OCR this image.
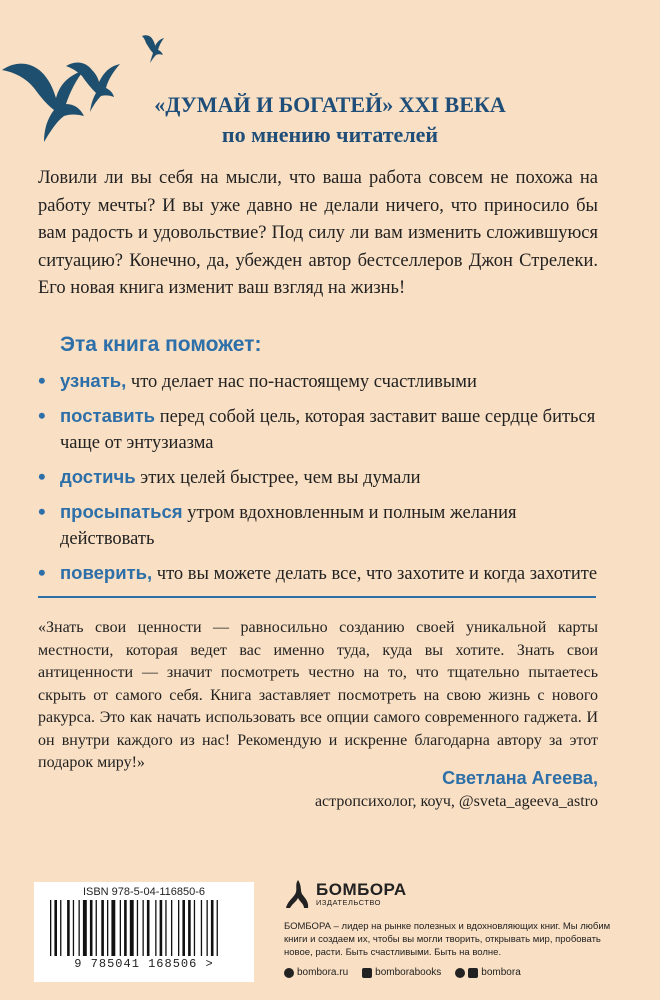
«ДУМАЙ И БОГАТЕЙ» XXI ВЕКА
по мнению читателей
Ловили ли вы себя на мысли, что ваша работа совсем не похожа на работу мечты? И вы уже давно не делали ничего, что приносило бы вам радость и удовольствие? Под силу ли вам изменить сложившуюся ситуацию? Конечно, да, убежден автор бестселлеров Джон Стрелеки. Его новая книга изменит ваш взгляд на жизнь!
Эта книга поможет:
• узнать, что делает нас по-настоящему счастливыми
• поставить перед собой цель, которая заставит ваше сердце биться чаще от энтузиазма
• достичь этих целей быстрее, чем вы думали
• просыпаться утром вдохновленным и полным желания действовать
• поверить, что вы можете делать все, что захотите и когда захотите
«Знать свои ценности — равносильно созданию своей уникальной карты местности, которая ведет вас именно туда, куда вы хотите. Знать свои антиценности — значит посмотреть честно на то, что тщательно пытаетесь скрыть от самого себя. Книга заставляет посмотреть на свою жизнь с нового ракурса. Это как начать использовать все опции самого современного гаджета. И он внутри каждого из нас! Рекомендую и искренне благодарна автору за этот подарок миру!»
Светлана Агеева,
астропсихолог, коуч, @sveta_ageeva_astro
ISBN 978-5-04-116850-6
9 785041 168506 >
БОМБОРА
ИЗДАТЕЛЬСТВО
БОМБОРА – лидер на рынке полезных и вдохновляющих книг. Мы любим книги и создаем их, чтобы вы могли творить, открывать мир, пробовать новое, расти. Быть счастливыми. Быть на волне.
bombora.ru	bomborabooks	bombora
